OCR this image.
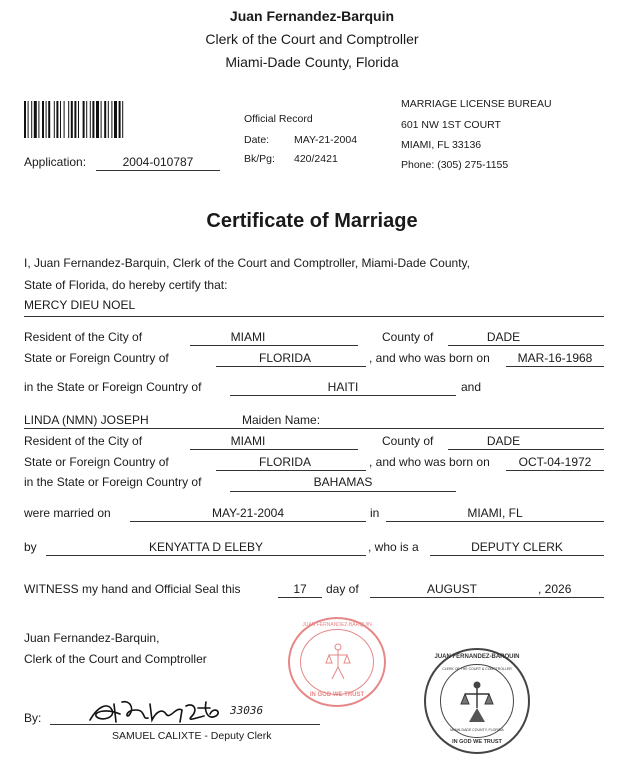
Juan Fernandez-Barquin
Clerk of the Court and Comptroller
Miami-Dade County, Florida
Application:	2004-010787
Official Record
Date: MAY-21-2004
Bk/Pg: 420/2421
MARRIAGE LICENSE BUREAU
601 NW 1ST COURT
MIAMI, FL 33136
Phone: (305) 275-1155
Certificate of Marriage
I, Juan Fernandez-Barquin, Clerk of the Court and Comptroller, Miami-Dade County,
State of Florida, do hereby certify that:
MERCY DIEU NOEL
Resident of the City of	MIAMI	County of	DADE
State or Foreign Country of	FLORIDA	, and who was born on	MAR-16-1968
in the State or Foreign Country of	HAITI	and
LINDA (NMN) JOSEPH	Maiden Name:
Resident of the City of	MIAMI	County of	DADE
State or Foreign Country of	FLORIDA	, and who was born on	OCT-04-1972
in the State or Foreign Country of	BAHAMAS
were married on	MAY-21-2004	in	MIAMI, FL
by	KENYATTA D ELEBY	, who is a	DEPUTY CLERK
WITNESS my hand and Official Seal this	17	day of	AUGUST	, 2026
Juan Fernandez-Barquin,
Clerk of the Court and Comptroller
By:
SAMUEL CALIXTE - Deputy Clerk
33036
JUAN FERNANDEZ-BARQUIN
IN GOD WE TRUST
JUAN FERNANDEZ-BARQUIN
CLERK OF THE COURT & COMPTROLLER
MIAMI-DADE COUNTY, FLORIDA
IN GOD WE TRUST
